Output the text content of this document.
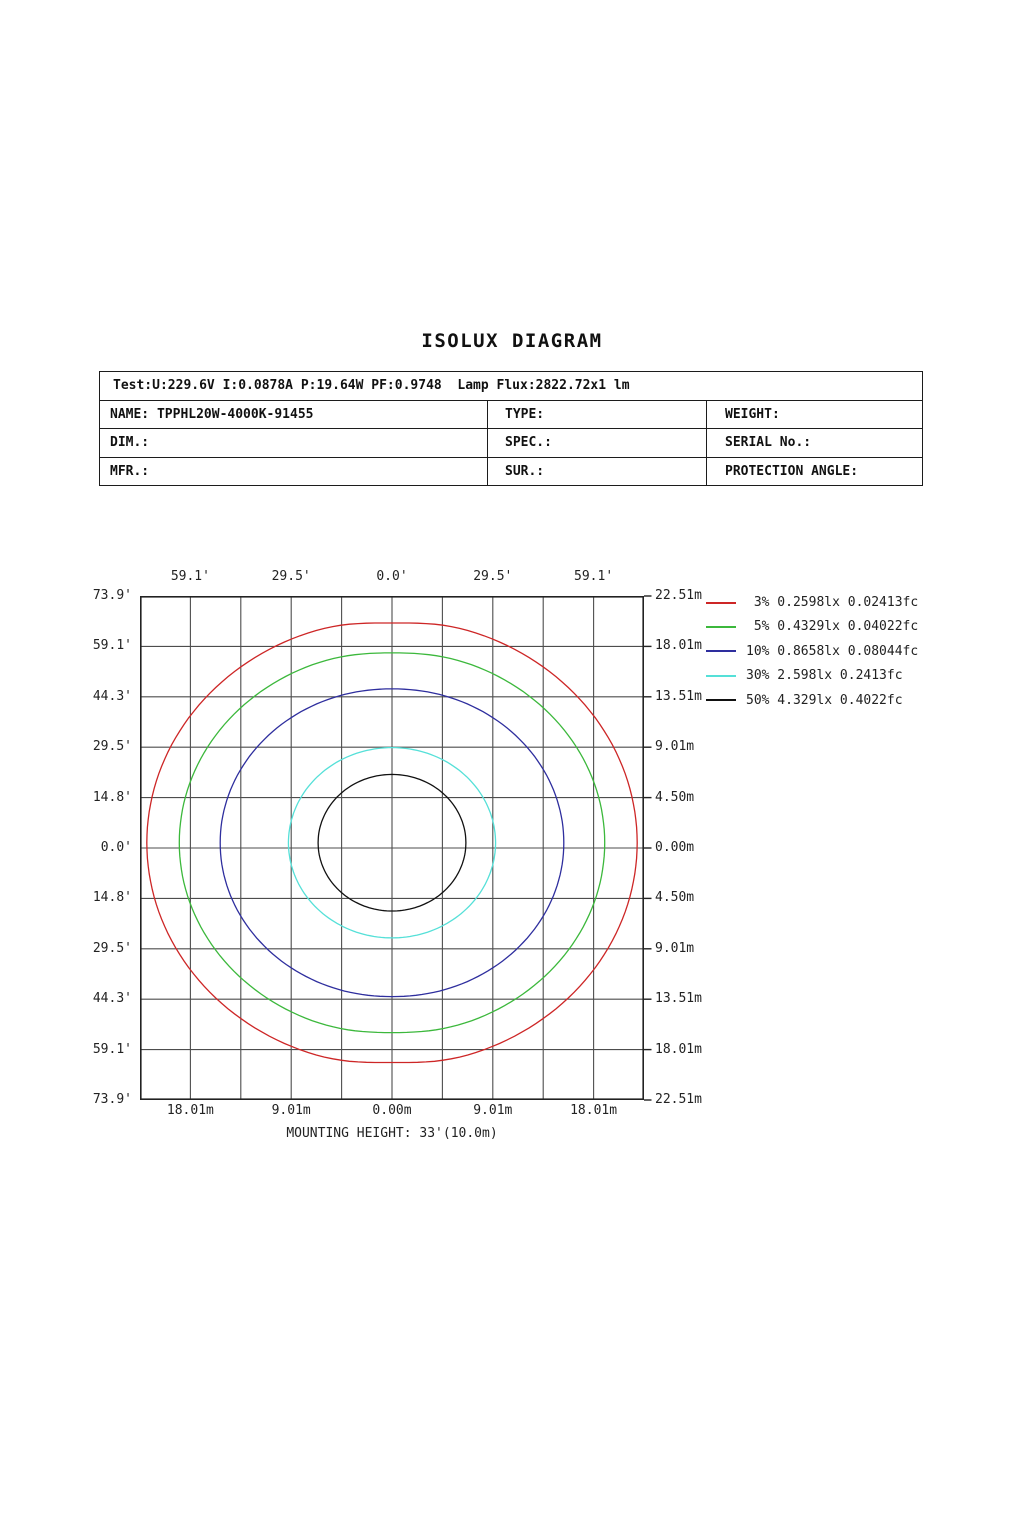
ISOLUX DIAGRAM
Test:U:229.6V I:0.0878A P:19.64W PF:0.9748  Lamp Flux:2822.72x1 lm		
NAME: TPPHL20W-4000K-91455	TYPE:	WEIGHT:
DIM.:	SPEC.:	SERIAL No.:
MFR.:	SUR.:	PROTECTION ANGLE:
3% 0.2598lx 0.02413fc
5% 0.4329lx 0.04022fc
10% 0.8658lx 0.08044fc
30% 2.598lx 0.2413fc
50% 4.329lx 0.4022fc
MOUNTING HEIGHT: 33'(10.0m)
73.9'
59.1'
44.3'
29.5'
14.8'
0.0'
14.8'
29.5'
44.3'
59.1'
73.9'
22.51m
18.01m
13.51m
9.01m
4.50m
0.00m
4.50m
9.01m
13.51m
18.01m
22.51m
59.1'	29.5'	0.0'	29.5'	59.1'
18.01m	9.01m	0.00m	9.01m	18.01m
